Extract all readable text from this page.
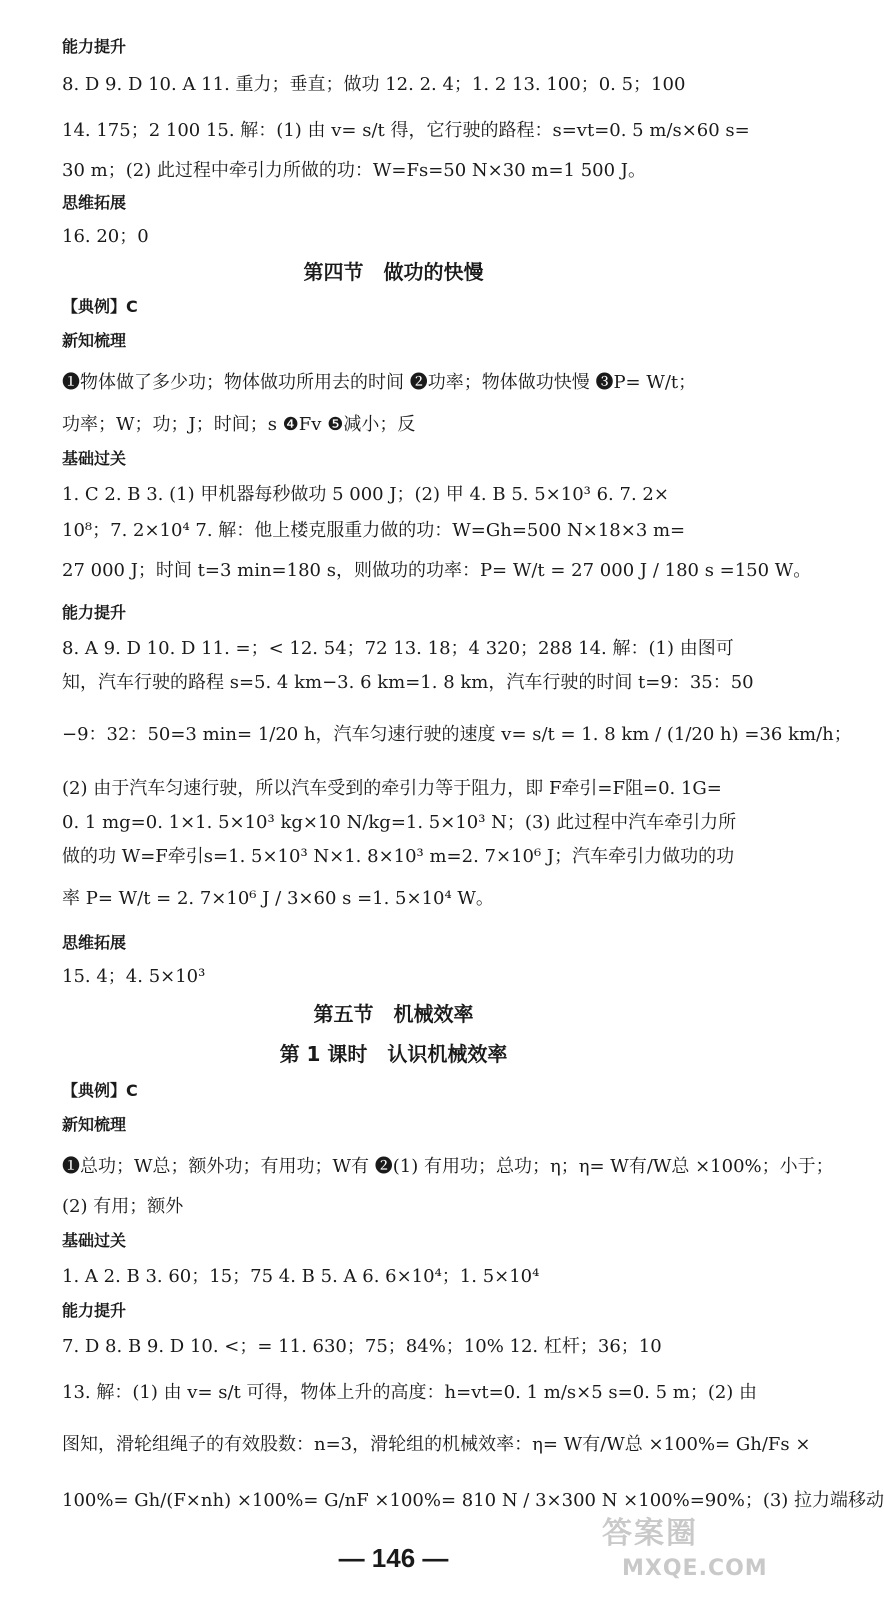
能力提升
8. D 9. D 10. A 11. 重力；垂直；做功 12. 2. 4；1. 2 13. 100；0. 5；100
14. 175；2 100 15. 解：(1) 由 v= s/t 得，它行驶的路程：s=vt=0. 5 m/s×60 s=
30 m；(2) 此过程中牵引力所做的功：W=Fs=50 N×30 m=1 500 J。
思维拓展
16. 20；0
第四节　做功的快慢
【典例】C
新知梳理
❶物体做了多少功；物体做功所用去的时间 ❷功率；物体做功快慢 ❸P= W/t；
功率；W；功；J；时间；s ❹Fv ❺减小；反
基础过关
1. C 2. B 3. (1) 甲机器每秒做功 5 000 J；(2) 甲 4. B 5. 5×10³ 6. 7. 2×
10⁸；7. 2×10⁴ 7. 解：他上楼克服重力做的功：W=Gh=500 N×18×3 m=
27 000 J；时间 t=3 min=180 s，则做功的功率：P= W/t = 27 000 J / 180 s =150 W。
能力提升
8. A 9. D 10. D 11. =；< 12. 54；72 13. 18；4 320；288 14. 解：(1) 由图可
知，汽车行驶的路程 s=5. 4 km−3. 6 km=1. 8 km，汽车行驶的时间 t=9：35：50
−9：32：50=3 min= 1/20 h，汽车匀速行驶的速度 v= s/t = 1. 8 km / (1/20 h) =36 km/h；
(2) 由于汽车匀速行驶，所以汽车受到的牵引力等于阻力，即 F牵引=F阻=0. 1G=
0. 1 mg=0. 1×1. 5×10³ kg×10 N/kg=1. 5×10³ N；(3) 此过程中汽车牵引力所
做的功 W=F牵引s=1. 5×10³ N×1. 8×10³ m=2. 7×10⁶ J；汽车牵引力做功的功
率 P= W/t = 2. 7×10⁶ J / 3×60 s =1. 5×10⁴ W。
思维拓展
15. 4；4. 5×10³
第五节　机械效率
第 1 课时　认识机械效率
【典例】C
新知梳理
❶总功；W总；额外功；有用功；W有 ❷(1) 有用功；总功；η；η= W有/W总 ×100%；小于；
(2) 有用；额外
基础过关
1. A 2. B 3. 60；15；75 4. B 5. A 6. 6×10⁴；1. 5×10⁴
能力提升
7. D 8. B 9. D 10. <；= 11. 630；75；84%；10% 12. 杠杆；36；10
13. 解：(1) 由 v= s/t 可得，物体上升的高度：h=vt=0. 1 m/s×5 s=0. 5 m；(2) 由
图知，滑轮组绳子的有效股数：n=3，滑轮组的机械效率：η= W有/W总 ×100%= Gh/Fs ×
100%= Gh/(F×nh) ×100%= G/nF ×100%= 810 N / 3×300 N ×100%=90%；(3) 拉力端移动
— 146 —
答案圈
MXQE.COM
